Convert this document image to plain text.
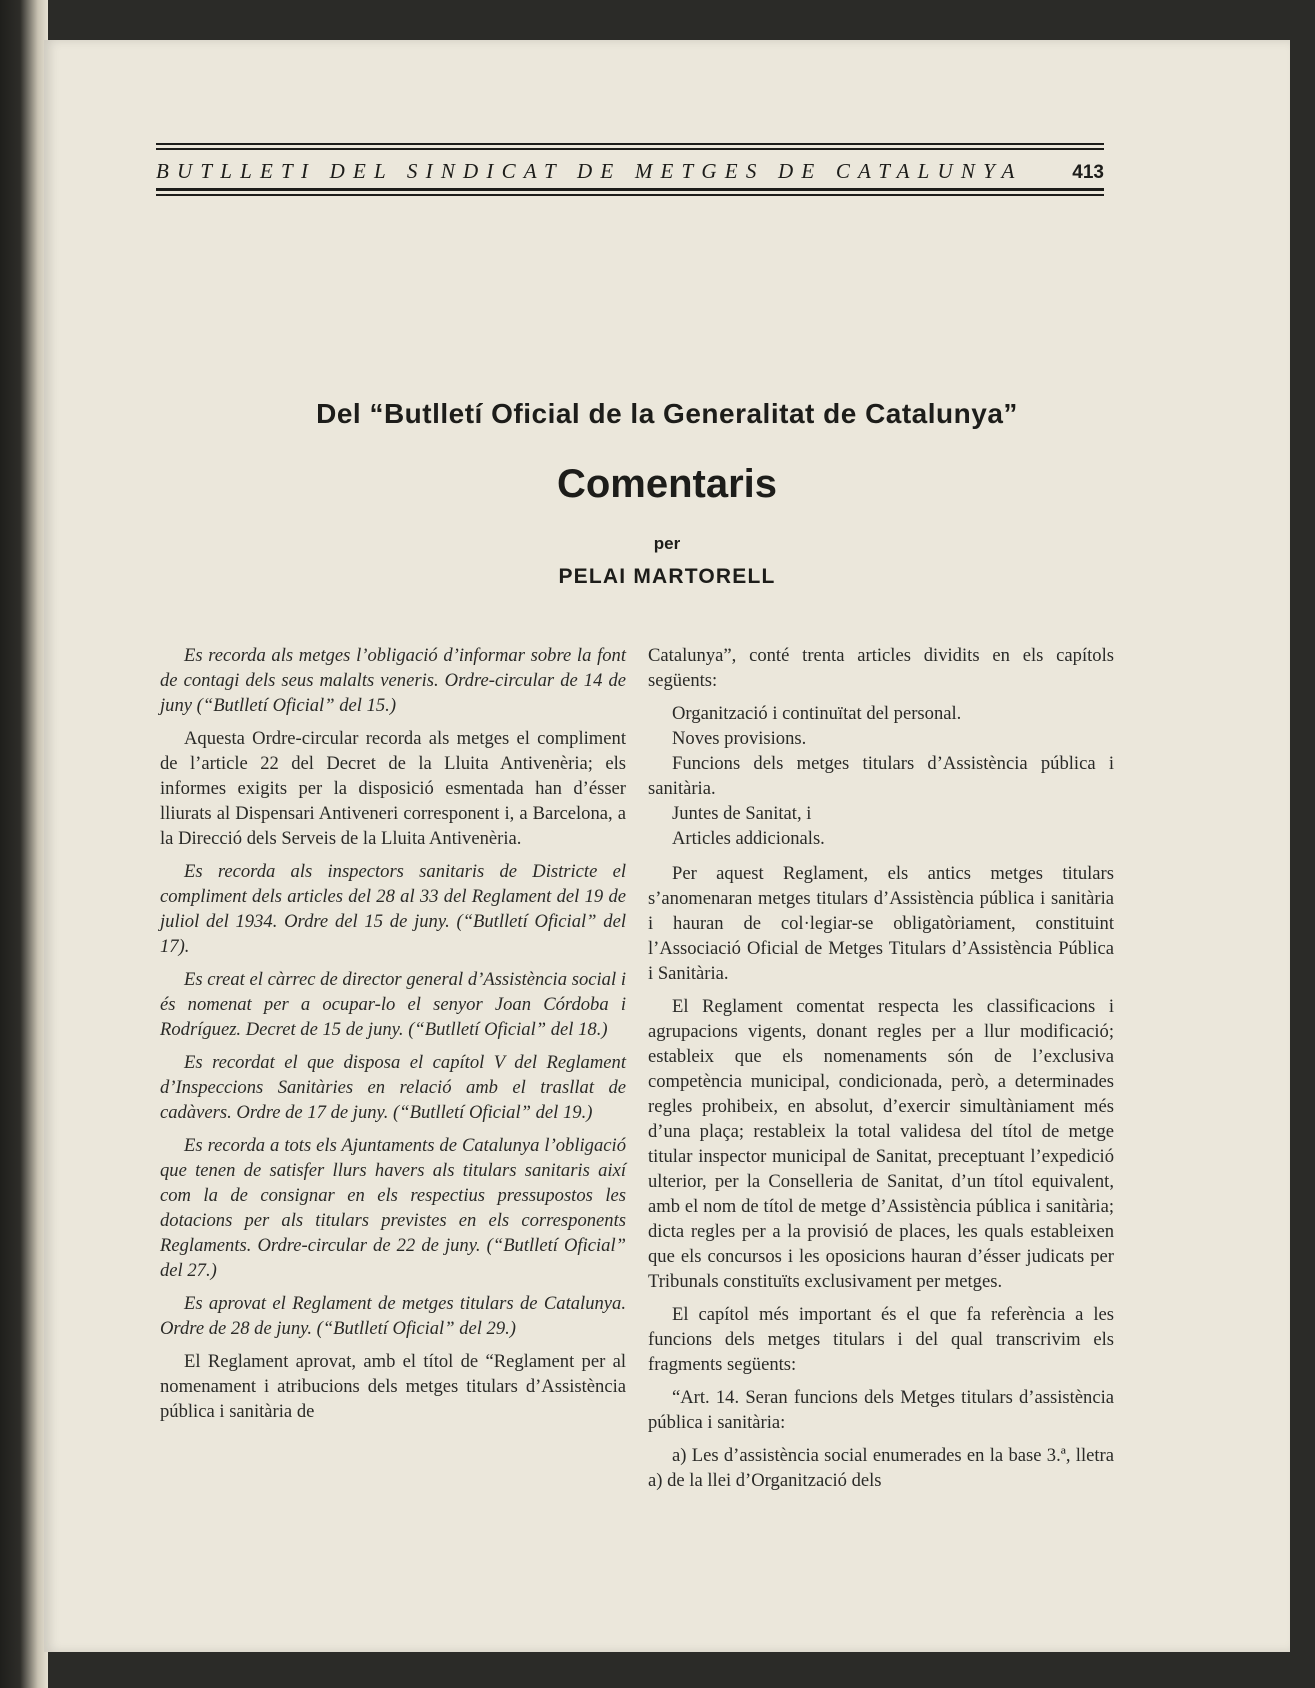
BUTLLETI DEL SINDICAT DE METGES DE CATALUNYA	413
Del “Butlletí Oficial de la Generalitat de Catalunya”
Comentaris
per
PELAI MARTORELL

Es recorda als metges l’obligació d’informar sobre la font de contagi dels seus malalts veneris. Ordre-circular de 14 de juny (“Butlletí Oficial” del 15.)

Aquesta Ordre-circular recorda als metges el compliment de l’article 22 del Decret de la Lluita Antivenèria; els informes exigits per la disposició esmentada han d’ésser lliurats al Dispensari Antiveneri corresponent i, a Barcelona, a la Direcció dels Serveis de la Lluita Antivenèria.

Es recorda als inspectors sanitaris de Districte el compliment dels articles del 28 al 33 del Reglament del 19 de juliol del 1934. Ordre del 15 de juny. (“Butlletí Oficial” del 17).

Es creat el càrrec de director general d’Assistència social i és nomenat per a ocupar-lo el senyor Joan Córdoba i Rodríguez. Decret de 15 de juny. (“Butlletí Oficial” del 18.)

Es recordat el que disposa el capítol V del Reglament d’Inspeccions Sanitàries en relació amb el trasllat de cadàvers. Ordre de 17 de juny. (“Butlletí Oficial” del 19.)

Es recorda a tots els Ajuntaments de Catalunya l’obligació que tenen de satisfer llurs havers als titulars sanitaris així com la de consignar en els respectius pressupostos les dotacions per als titulars previstes en els corresponents Reglaments. Ordre-circular de 22 de juny. (“Butlletí Oficial” del 27.)

Es aprovat el Reglament de metges titulars de Catalunya. Ordre de 28 de juny. (“Butlletí Oficial” del 29.)

El Reglament aprovat, amb el títol de “Reglament per al nomenament i atribucions dels metges titulars d’Assistència pública i sanitària de

Catalunya”, conté trenta articles dividits en els capítols següents:

Organització i continuïtat del personal.

Noves provisions.

Funcions dels metges titulars d’Assistència pública i sanitària.

Juntes de Sanitat, i

Articles addicionals.

Per aquest Reglament, els antics metges titulars s’anomenaran metges titulars d’Assistència pública i sanitària i hauran de col·legiar-se obligatòriament, constituint l’Associació Oficial de Metges Titulars d’Assistència Pública i Sanitària.

El Reglament comentat respecta les classificacions i agrupacions vigents, donant regles per a llur modificació; estableix que els nomenaments són de l’exclusiva competència municipal, condicionada, però, a determinades regles prohibeix, en absolut, d’exercir simultàniament més d’una plaça; restableix la total validesa del títol de metge titular inspector municipal de Sanitat, preceptuant l’expedició ulterior, per la Conselleria de Sanitat, d’un títol equivalent, amb el nom de títol de metge d’Assistència pública i sanitària; dicta regles per a la provisió de places, les quals estableixen que els concursos i les oposicions hauran d’ésser judicats per Tribunals constituïts exclusivament per metges.

El capítol més important és el que fa referència a les funcions dels metges titulars i del qual transcrivim els fragments següents:

“Art. 14. Seran funcions dels Metges titulars d’assistència pública i sanitària:

a) Les d’assistència social enumerades en la base 3.ª, lletra a) de la llei d’Organització dels
